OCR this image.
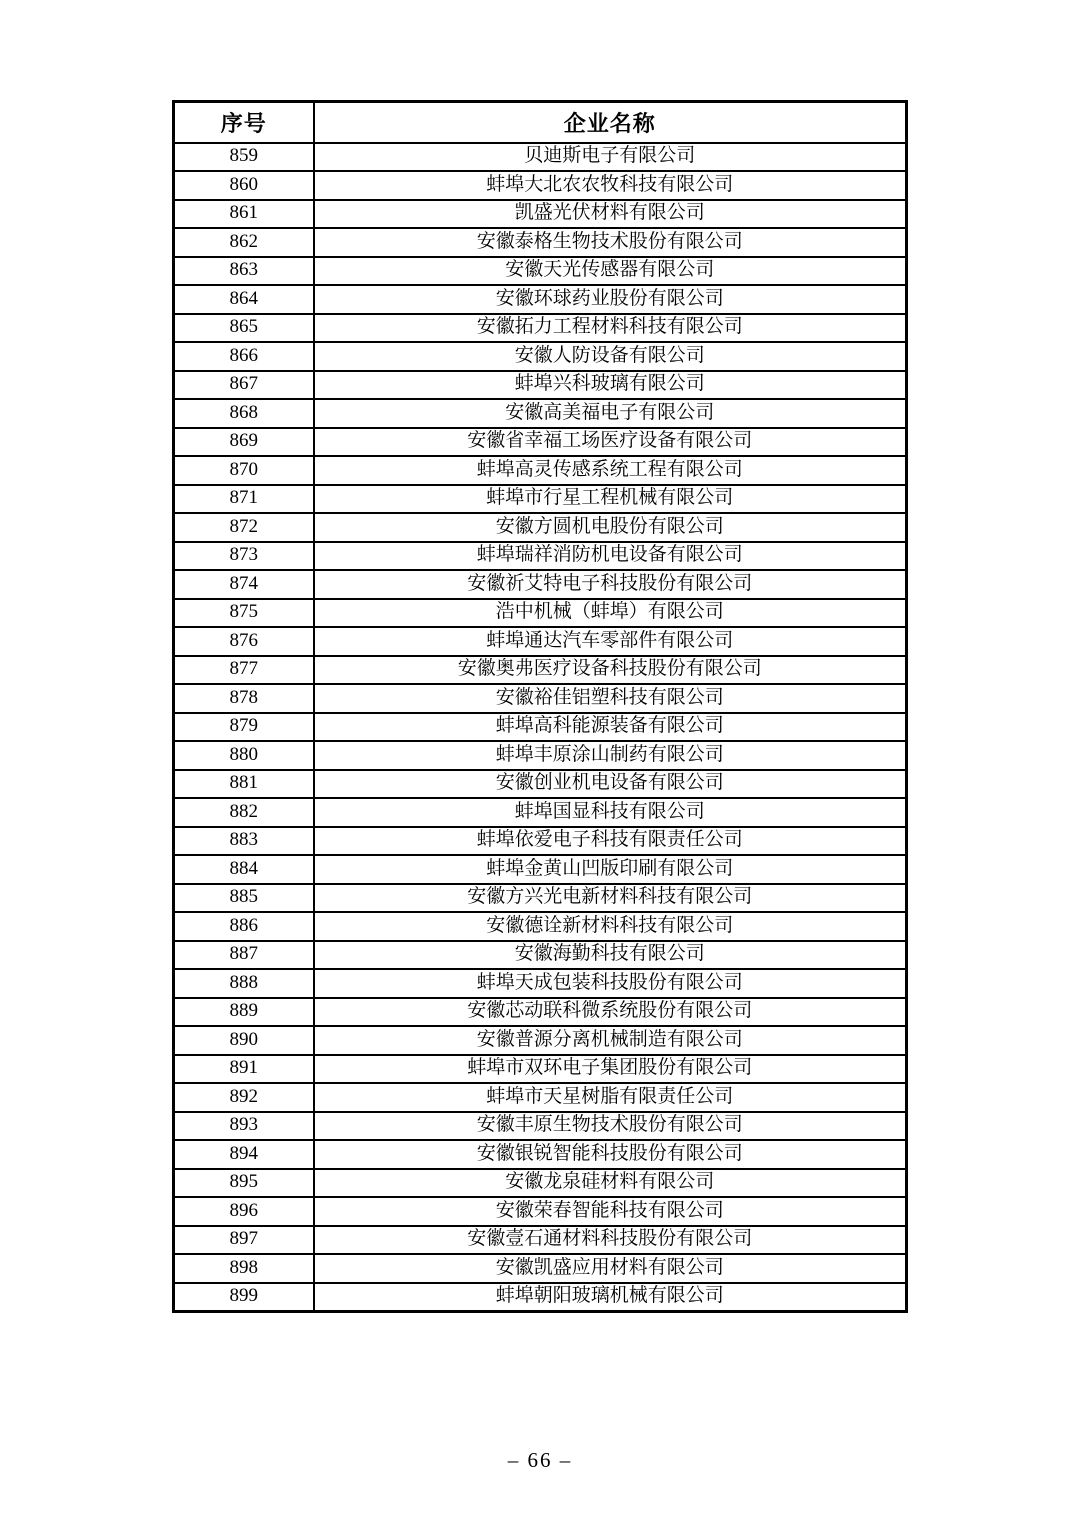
序号	企业名称
859	贝迪斯电子有限公司
860	蚌埠大北农农牧科技有限公司
861	凯盛光伏材料有限公司
862	安徽泰格生物技术股份有限公司
863	安徽天光传感器有限公司
864	安徽环球药业股份有限公司
865	安徽拓力工程材料科技有限公司
866	安徽人防设备有限公司
867	蚌埠兴科玻璃有限公司
868	安徽高美福电子有限公司
869	安徽省幸福工场医疗设备有限公司
870	蚌埠高灵传感系统工程有限公司
871	蚌埠市行星工程机械有限公司
872	安徽方圆机电股份有限公司
873	蚌埠瑞祥消防机电设备有限公司
874	安徽祈艾特电子科技股份有限公司
875	浩中机械（蚌埠）有限公司
876	蚌埠通达汽车零部件有限公司
877	安徽奥弗医疗设备科技股份有限公司
878	安徽裕佳铝塑科技有限公司
879	蚌埠高科能源装备有限公司
880	蚌埠丰原涂山制药有限公司
881	安徽创业机电设备有限公司
882	蚌埠国显科技有限公司
883	蚌埠依爱电子科技有限责任公司
884	蚌埠金黄山凹版印刷有限公司
885	安徽方兴光电新材料科技有限公司
886	安徽德诠新材料科技有限公司
887	安徽海勤科技有限公司
888	蚌埠天成包装科技股份有限公司
889	安徽芯动联科微系统股份有限公司
890	安徽普源分离机械制造有限公司
891	蚌埠市双环电子集团股份有限公司
892	蚌埠市天星树脂有限责任公司
893	安徽丰原生物技术股份有限公司
894	安徽银锐智能科技股份有限公司
895	安徽龙泉硅材料有限公司
896	安徽荣春智能科技有限公司
897	安徽壹石通材料科技股份有限公司
898	安徽凯盛应用材料有限公司
899	蚌埠朝阳玻璃机械有限公司
– 66 –
